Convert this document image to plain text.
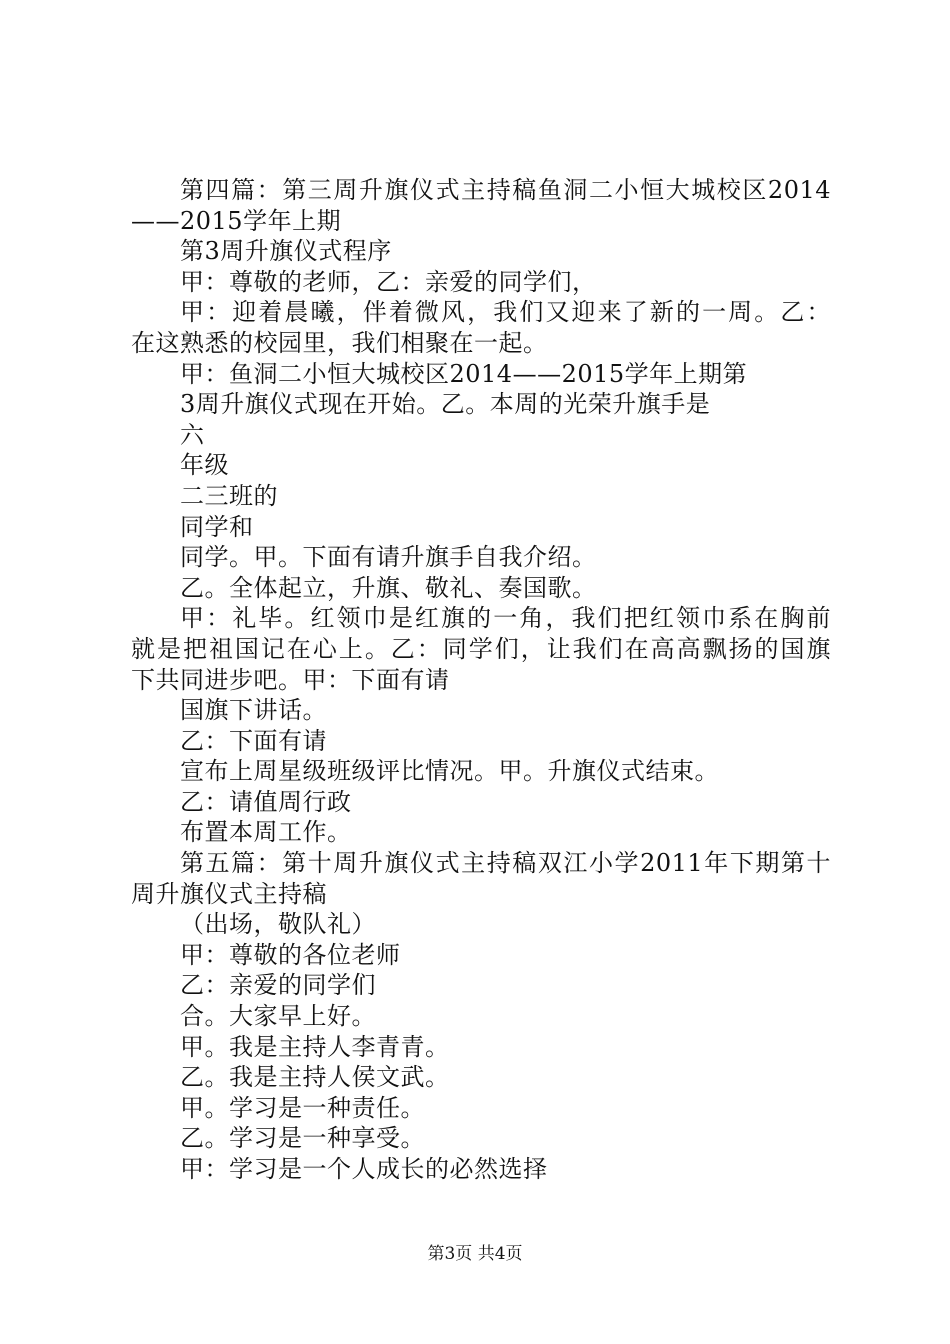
第四篇：第三周升旗仪式主持稿鱼洞二小恒大城校区2014
——2015学年上期
第3周升旗仪式程序
甲：尊敬的老师，乙：亲爱的同学们，
甲：迎着晨曦，伴着微风，我们又迎来了新的一周。乙：
在这熟悉的校园里，我们相聚在一起。
甲：鱼洞二小恒大城校区2014——2015学年上期第
3周升旗仪式现在开始。乙。本周的光荣升旗手是
六
年级
二三班的
同学和
同学。甲。下面有请升旗手自我介绍。
乙。全体起立，升旗、敬礼、奏国歌。
甲：礼毕。红领巾是红旗的一角，我们把红领巾系在胸前
就是把祖国记在心上。乙：同学们，让我们在高高飘扬的国旗
下共同进步吧。甲：下面有请
国旗下讲话。
乙：下面有请
宣布上周星级班级评比情况。甲。升旗仪式结束。
乙：请值周行政
布置本周工作。
第五篇：第十周升旗仪式主持稿双江小学2011年下期第十
周升旗仪式主持稿
（出场，敬队礼）
甲：尊敬的各位老师
乙：亲爱的同学们
合。大家早上好。
甲。我是主持人李青青。
乙。我是主持人侯文武。
甲。学习是一种责任。
乙。学习是一种享受。
甲：学习是一个人成长的必然选择
第3页 共4页
